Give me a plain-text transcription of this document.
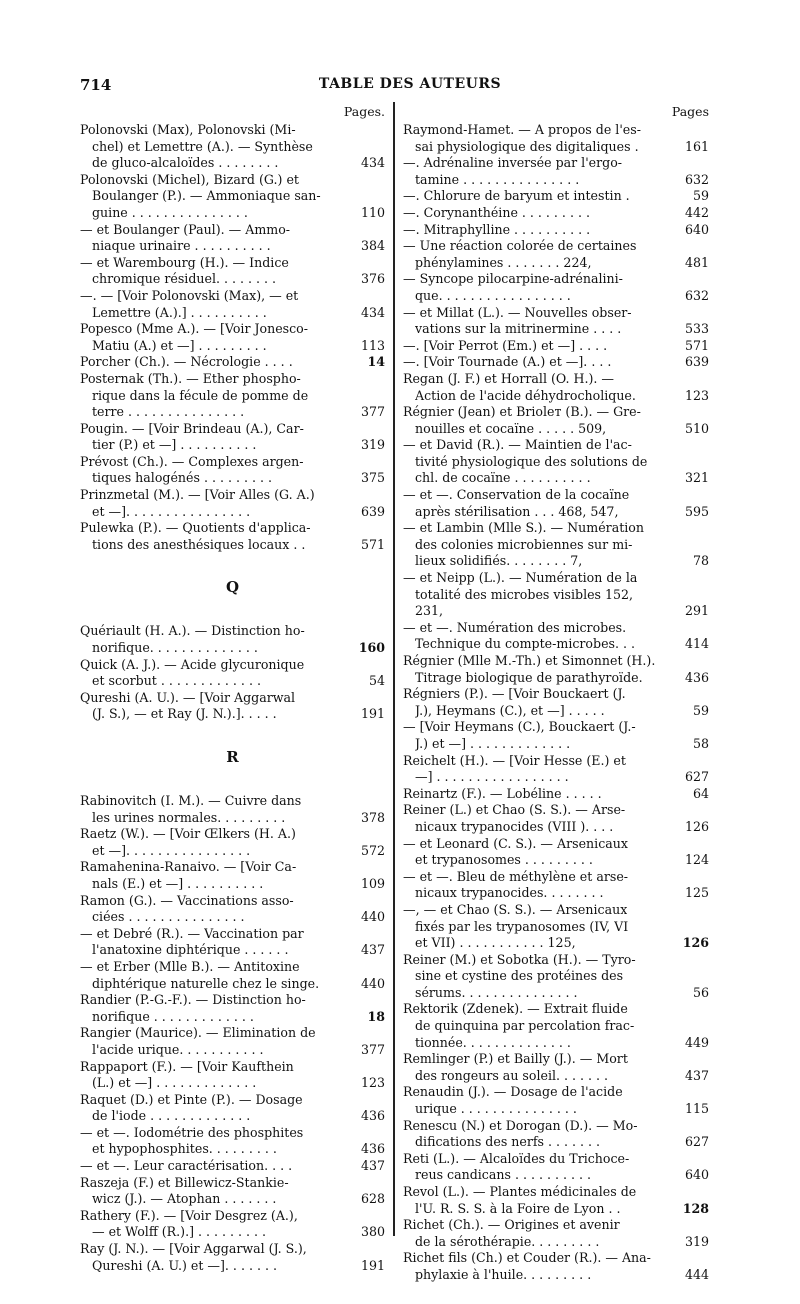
714	TABLE DES AUTEURS
Pages.
Polonovski (Max), Polonovski (Mi-
chel) et Lemettre (A.). — Synthèse
de gluco-alcaloïdes . . . . . . . .	434
Polonovski (Michel), Bizard (G.) et
Boulanger (P.). — Ammoniaque san-
guine . . . . . . . . . . . . . . .	110
— et Boulanger (Paul). — Ammo-
niaque urinaire . . . . . . . . . .	384
— et Warembourg (H.). — Indice
chromique résiduel. . . . . . . .	376
—. — [Voir Polonovski (Max), — et
Lemettre (A.).] . . . . . . . . . .	434
Popesco (Mme A.). — [Voir Jonesco-
Matiu (A.) et —] . . . . . . . . .	113
Porcher (Ch.). — Nécrologie . . . .	14
Posternak (Th.). — Ether phospho-
rique dans la fécule de pomme de
terre . . . . . . . . . . . . . . .	377
Pougin. — [Voir Brindeau (A.), Car-
tier (P.) et —] . . . . . . . . . .	319
Prévost (Ch.). — Complexes argen-
tiques halogénés . . . . . . . . .	375
Prinzmetal (M.). — [Voir Alles (G. A.)
et —]. . . . . . . . . . . . . . . .	639
Pulewka (P.). — Quotients d'applica-
tions des anesthésiques locaux . .	571
Q
Quériault (H. A.). — Distinction ho-
norifique. . . . . . . . . . . . . .	160
Quick (A. J.). — Acide glycuronique
et scorbut . . . . . . . . . . . . .	54
Qureshi (A. U.). — [Voir Aggarwal
(J. S.), — et Ray (J. N.).]. . . . .	191
R
Rabinovitch (I. M.). — Cuivre dans
les urines normales. . . . . . . . .	378
Raetz (W.). — [Voir Œlkers (H. A.)
et —]. . . . . . . . . . . . . . . .	572
Ramahenina-Ranaivo. — [Voir Ca-
nals (E.) et —] . . . . . . . . . .	109
Ramon (G.). — Vaccinations asso-
ciées . . . . . . . . . . . . . . .	440
— et Debré (R.). — Vaccination par
l'anatoxine diphtérique . . . . . .	437
— et Erber (Mlle B.). — Antitoxine
diphtérique naturelle chez le singe.	440
Randier (P.-G.-F.). — Distinction ho-
norifique . . . . . . . . . . . . .	18
Rangier (Maurice). — Elimination de
l'acide urique. . . . . . . . . . .	377
Rappaport (F.). — [Voir Kaufthein
(L.) et —] . . . . . . . . . . . . .	123
Raquet (D.) et Pinte (P.). — Dosage
de l'iode . . . . . . . . . . . . .	436
— et —. Iodométrie des phosphites
et hypophosphites. . . . . . . . .	436
— et —. Leur caractérisation. . . .	437
Raszeja (F.) et Billewicz-Stankie-
wicz (J.). — Atophan . . . . . . .	628
Rathery (F.). — [Voir Desgrez (A.),
— et Wolff (R.).] . . . . . . . . .	380
Ray (J. N.). — [Voir Aggarwal (J. S.),
Qureshi (A. U.) et —]. . . . . . .	191
Pages
Raymond-Hamet. — A propos de l'es-
sai physiologique des digitaliques .	161
—. Adrénaline inversée par l'ergo-
tamine . . . . . . . . . . . . . . .	632
—. Chlorure de baryum et intestin .	59
—. Corynanthéine . . . . . . . . .	442
—. Mitraphylline . . . . . . . . . .	640
— Une réaction colorée de certaines
phénylamines . . . . . . . 224,	481
— Syncope pilocarpine-adrénalini-
que. . . . . . . . . . . . . . . . .	632
— et Millat (L.). — Nouvelles obser-
vations sur la mitrinermine . . . .	533
—. [Voir Perrot (Em.) et —] . . . .	571
—. [Voir Tournade (A.) et —]. . . .	639
Regan (J. F.) et Horrall (O. H.). —
Action de l'acide déhydrocholique.	123
Régnier (Jean) et Brioleт (B.). — Gre-
nouilles et cocaïne . . . . . 509,	510
— et David (R.). — Maintien de l'ac-
tivité physiologique des solutions de
chl. de cocaïne . . . . . . . . . .	321
— et —. Conservation de la cocaïne
après stérilisation . . . 468, 547,	595
— et Lambin (Mlle S.). — Numération
des colonies microbiennes sur mi-
lieux solidifiés. . . . . . . . 7,	78
— et Neipp (L.). — Numération de la
totalité des microbes visibles 152,
231,	291
— et —. Numération des microbes.
Technique du compte-microbes. . .	414
Régnier (Mlle M.-Th.) et Simonnet (H.).
Titrage biologique de parathyroïde.	436
Régniers (P.). — [Voir Bouckaert (J.
J.), Heymans (C.), et —] . . . . .	59
— [Voir Heymans (C.), Bouckaert (J.-
J.) et —] . . . . . . . . . . . . .	58
Reichelt (H.). — [Voir Hesse (E.) et
—] . . . . . . . . . . . . . . . . .	627
Reinartz (F.). — Lobéline . . . . .	64
Reiner (L.) et Chao (S. S.). — Arse-
nicaux trypanocides (VIII ). . . .	126
— et Leonard (C. S.). — Arsenicaux
et trypanosomes . . . . . . . . .	124
— et —. Bleu de méthylène et arse-
nicaux trypanocides. . . . . . . .	125
—, — et Chao (S. S.). — Arsenicaux
fixés par les trypanosomes (IV, VI
et VII) . . . . . . . . . . . 125,	126
Reiner (M.) et Sobotka (H.). — Tyro-
sine et cystine des protéines des
sérums. . . . . . . . . . . . . . .	56
Rektorik (Zdenek). — Extrait fluide
de quinquina par percolation frac-
tionnée. . . . . . . . . . . . . .	449
Remlinger (P.) et Bailly (J.). — Mort
des rongeurs au soleil. . . . . . .	437
Renaudin (J.). — Dosage de l'acide
urique . . . . . . . . . . . . . . .	115
Renescu (N.) et Dorogan (D.). — Mo-
difications des nerfs . . . . . . .	627
Reti (L.). — Alcaloïdes du Trichoce-
reus candicans . . . . . . . . . .	640
Revol (L.). — Plantes médicinales de
l'U. R. S. S. à la Foire de Lyon . .	128
Richet (Ch.). — Origines et avenir
de la sérothérapie. . . . . . . . .	319
Richet fils (Ch.) et Couder (R.). — Ana-
phylaxie à l'huile. . . . . . . . .	444
